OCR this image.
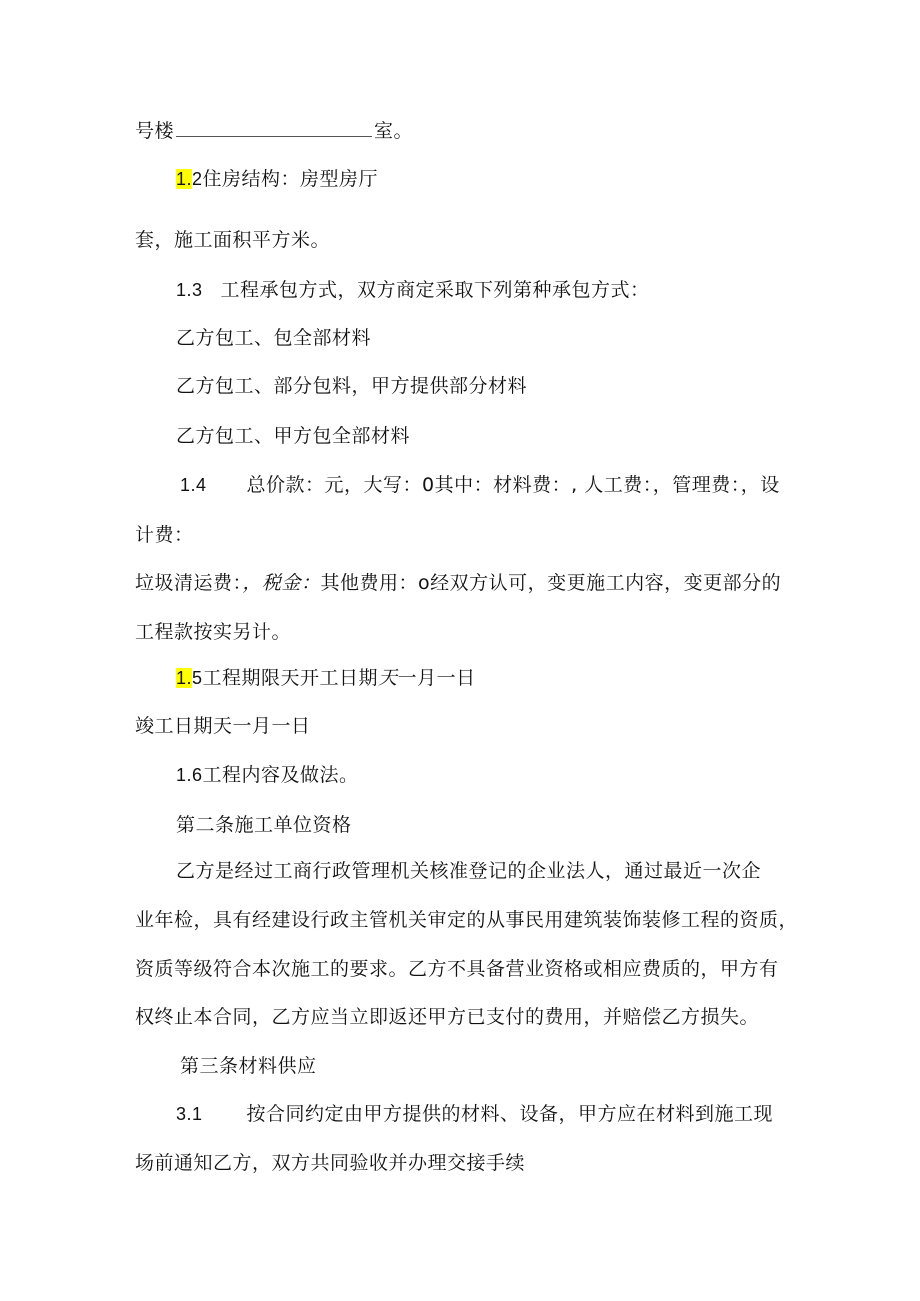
号楼	室。
1.2住房结构：房型房厅
套，施工面积平方米。
1.3 工程承包方式，双方商定采取下列第种承包方式：
乙方包工、包全部材料
乙方包工、部分包料，甲方提供部分材料
乙方包工、甲方包全部材料
1.4 总价款：元，大写：0其中：材料费：, 人工费：，管理费：，设
计费：
垃圾清运费：，税金：其他费用：o经双方认可，变更施工内容，变更部分的
工程款按实另计。
1.5工程期限天开工日期天一月一日
竣工日期天一月一日
1.6工程内容及做法。
第二条施工单位资格
乙方是经过工商行政管理机关核准登记的企业法人，通过最近一次企
业年检，具有经建设行政主管机关审定的从事民用建筑装饰装修工程的资质，
资质等级符合本次施工的要求。乙方不具备营业资格或相应费质的，甲方有
权终止本合同，乙方应当立即返还甲方已支付的费用，并赔偿乙方损失。
第三条材料供应
3.1 按合同约定由甲方提供的材料、设备，甲方应在材料到施工现
场前通知乙方，双方共同验收并办理交接手续
